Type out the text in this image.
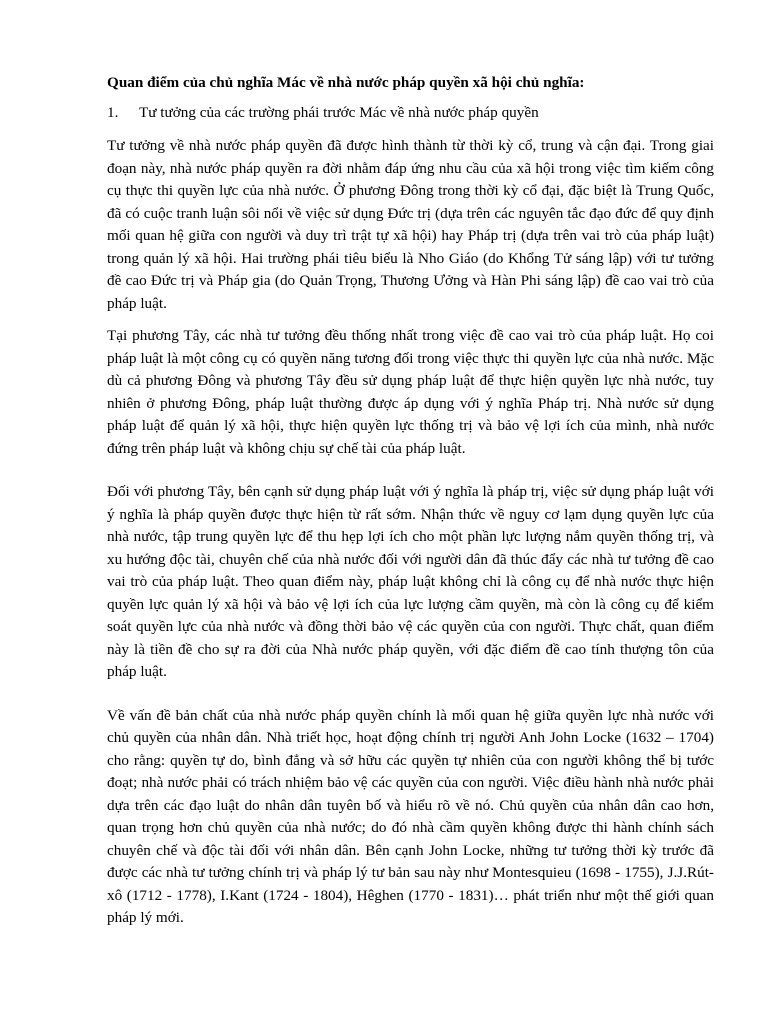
Quan điểm của chủ nghĩa Mác về nhà nước pháp quyền xã hội chủ nghĩa:

1. Tư tưởng của các trường phái trước Mác về nhà nước pháp quyền

Tư tưởng về nhà nước pháp quyền đã được hình thành từ thời kỳ cổ, trung và cận đại. Trong giai đoạn này, nhà nước pháp quyền ra đời nhằm đáp ứng nhu cầu của xã hội trong việc tìm kiếm công cụ thực thi quyền lực của nhà nước. Ở phương Đông trong thời kỳ cổ đại, đặc biệt là Trung Quốc, đã có cuộc tranh luận sôi nổi về việc sử dụng Đức trị (dựa trên các nguyên tắc đạo đức để quy định mối quan hệ giữa con người và duy trì trật tự xã hội) hay Pháp trị (dựa trên vai trò của pháp luật) trong quản lý xã hội. Hai trường phái tiêu biểu là Nho Giáo (do Khổng Tử sáng lập) với tư tưởng đề cao Đức trị và Pháp gia (do Quản Trọng, Thương Ưởng và Hàn Phi sáng lập) đề cao vai trò của pháp luật.

Tại phương Tây, các nhà tư tưởng đều thống nhất trong việc đề cao vai trò của pháp luật. Họ coi pháp luật là một công cụ có quyền năng tương đối trong việc thực thi quyền lực của nhà nước. Mặc dù cả phương Đông và phương Tây đều sử dụng pháp luật để thực hiện quyền lực nhà nước, tuy nhiên ở phương Đông, pháp luật thường được áp dụng với ý nghĩa Pháp trị. Nhà nước sử dụng pháp luật để quản lý xã hội, thực hiện quyền lực thống trị và bảo vệ lợi ích của mình, nhà nước đứng trên pháp luật và không chịu sự chế tài của pháp luật.

Đối với phương Tây, bên cạnh sử dụng pháp luật với ý nghĩa là pháp trị, việc sử dụng pháp luật với ý nghĩa là pháp quyền được thực hiện từ rất sớm. Nhận thức về nguy cơ lạm dụng quyền lực của nhà nước, tập trung quyền lực để thu hẹp lợi ích cho một phần lực lượng nắm quyền thống trị, và xu hướng độc tài, chuyên chế của nhà nước đối với người dân đã thúc đẩy các nhà tư tưởng đề cao vai trò của pháp luật. Theo quan điểm này, pháp luật không chỉ là công cụ để nhà nước thực hiện quyền lực quản lý xã hội và bảo vệ lợi ích của lực lượng cầm quyền, mà còn là công cụ để kiểm soát quyền lực của nhà nước và đồng thời bảo vệ các quyền của con người. Thực chất, quan điểm này là tiền đề cho sự ra đời của Nhà nước pháp quyền, với đặc điểm đề cao tính thượng tôn của pháp luật.

Về vấn đề bản chất của nhà nước pháp quyền chính là mối quan hệ giữa quyền lực nhà nước với chủ quyền của nhân dân. Nhà triết học, hoạt động chính trị người Anh John Locke (1632 – 1704) cho rằng: quyền tự do, bình đẳng và sở hữu các quyền tự nhiên của con người không thể bị tước đoạt; nhà nước phải có trách nhiệm bảo vệ các quyền của con người. Việc điều hành nhà nước phải dựa trên các đạo luật do nhân dân tuyên bố và hiểu rõ về nó. Chủ quyền của nhân dân cao hơn, quan trọng hơn chủ quyền của nhà nước; do đó nhà cầm quyền không được thi hành chính sách chuyên chế và độc tài đối với nhân dân. Bên cạnh John Locke, những tư tưởng thời kỳ trước đã được các nhà tư tưởng chính trị và pháp lý tư bản sau này như Montesquieu (1698 - 1755), J.J.Rút-xô (1712 - 1778), I.Kant (1724 - 1804), Hêghen (1770 - 1831)… phát triển như một thế giới quan pháp lý mới.
